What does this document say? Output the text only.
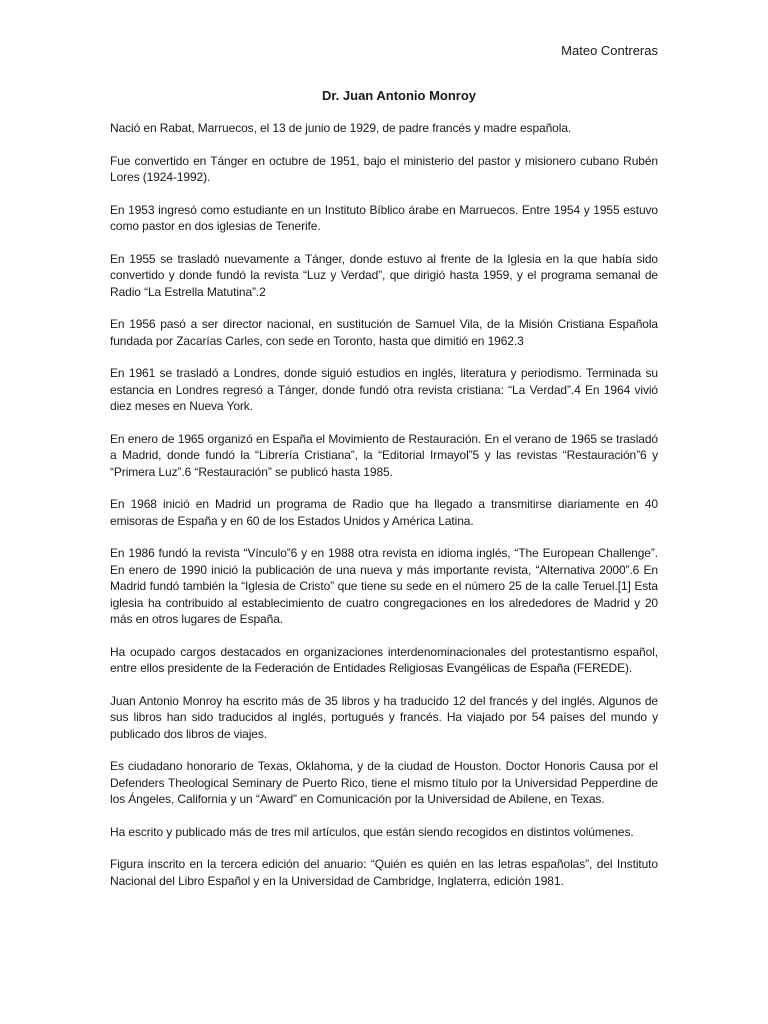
Mateo Contreras
Dr. Juan Antonio Monroy

Nació en Rabat, Marruecos, el 13 de junio de 1929, de padre francés y madre española.

Fue convertido en Tánger en octubre de 1951, bajo el ministerio del pastor y misionero cubano Rubén Lores (1924-1992).

En 1953 ingresó como estudiante en un Instituto Bíblico árabe en Marruecos. Entre 1954 y 1955 estuvo como pastor en dos iglesias de Tenerife.

En 1955 se trasladó nuevamente a Tánger, donde estuvo al frente de la Iglesia en la que había sido convertido y donde fundó la revista “Luz y Verdad”, que dirigió hasta 1959, y el programa semanal de Radio “La Estrella Matutina”.2

En 1956 pasó a ser director nacional, en sustitución de Samuel Vila, de la Misión Cristiana Española fundada por Zacarías Carles, con sede en Toronto, hasta que dimitió en 1962.3

En 1961 se trasladó a Londres, donde siguió estudios en inglés, literatura y periodismo. Terminada su estancia en Londres regresó a Tánger, donde fundó otra revista cristiana: “La Verdad”.4 En 1964 vivió diez meses en Nueva York.

En enero de 1965 organizó en España el Movimiento de Restauración. En el verano de 1965 se trasladó a Madrid, donde fundó la “Librería Cristiana”, la “Editorial Irmayol”5 y las revistas “Restauración”6 y “Primera Luz”.6 “Restauración” se publicó hasta 1985.

En 1968 inició en Madrid un programa de Radio que ha llegado a transmitirse diariamente en 40 emisoras de España y en 60 de los Estados Unidos y América Latina.

En 1986 fundó la revista “Vínculo”6 y en 1988 otra revista en idioma inglés, “The European Challenge”. En enero de 1990 inició la publicación de una nueva y más importante revista, “Alternativa 2000”.6 En Madrid fundó también la “Iglesia de Cristo” que tiene su sede en el número 25 de la calle Teruel.[1] Esta iglesia ha contribuido al establecimiento de cuatro congregaciones en los alrededores de Madrid y 20 más en otros lugares de España.

Ha ocupado cargos destacados en organizaciones interdenominacionales del protestantismo español, entre ellos presidente de la Federación de Entidades Religiosas Evangélicas de España (FEREDE).

Juan Antonio Monroy ha escrito más de 35 libros y ha traducido 12 del francés y del inglés. Algunos de sus libros han sido traducidos al inglés, portugués y francés. Ha viajado por 54 países del mundo y publicado dos libros de viajes.

Es ciudadano honorario de Texas, Oklahoma, y de la ciudad de Houston. Doctor Honoris Causa por el Defenders Theological Seminary de Puerto Rico, tiene el mismo título por la Universidad Pepperdine de los Ángeles, California y un “Award” en Comunicación por la Universidad de Abilene, en Texas.

Ha escrito y publicado más de tres mil artículos, que están siendo recogidos en distintos volúmenes.

Figura inscrito en la tercera edición del anuario: “Quién es quién en las letras españolas”, del Instituto Nacional del Libro Español y en la Universidad de Cambridge, Inglaterra, edición 1981.
